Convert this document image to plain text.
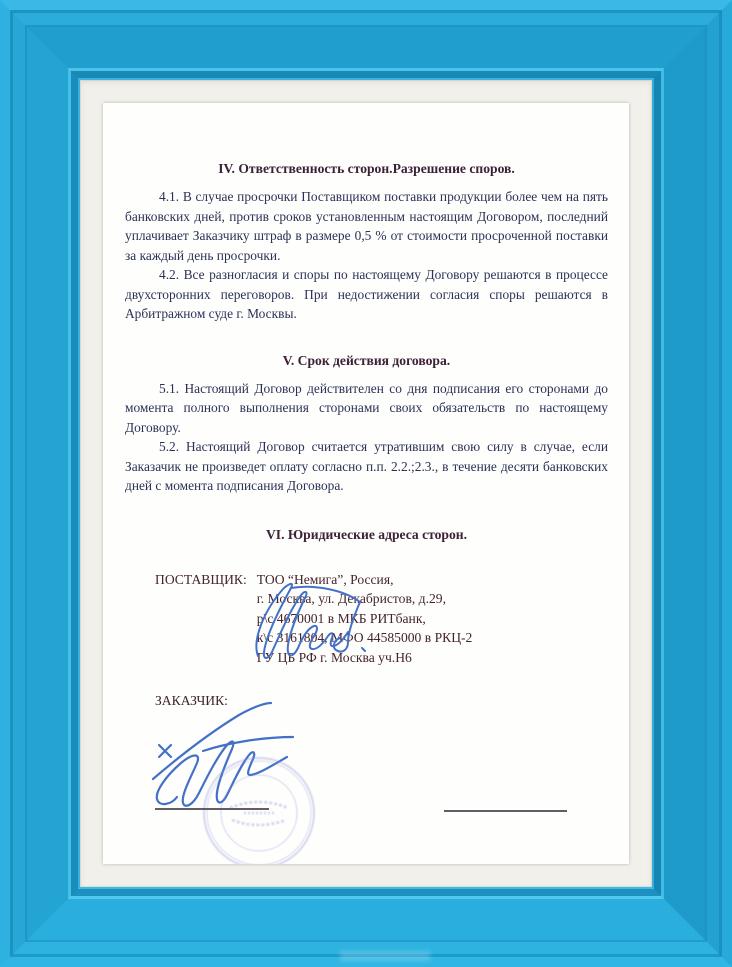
IV. Ответственность сторон.Разрешение споров.

4.1. В случае просрочки Поставщиком поставки продукции более чем на пять банковских дней, против сроков установленным настоящим Договором, последний уплачивает Заказчику штраф в размере 0,5 % от стоимости просроченной поставки за каждый день просрочки.

4.2. Все разногласия и споры по настоящему Договору решаются в процессе двухсторонних переговоров. При недостижении согласия споры решаются в Арбитражном суде г. Москвы.

V. Срок действия договора.

5.1. Настоящий Договор действителен со дня подписания его сторонами до момента полного выполнения сторонами своих обязательств по настоящему Договору.

5.2. Настоящий Договор считается утратившим свою силу в случае, если Заказачик не произведет оплату согласно п.п. 2.2.;2.3., в течение десяти банковских дней с момента подписания Договора.

VI. Юридические адреса сторон.
ПОСТАВЩИК: ТОО “Немига”, Россия,
г. Москва, ул. Декабристов, д.29,
р\с 4670001 в МКБ РИТбанк,
к\с 3161804, МФО 44585000 в РКЦ-2
ГУ ЦБ РФ г. Москва уч.Н6
ЗАКАЗЧИК:
